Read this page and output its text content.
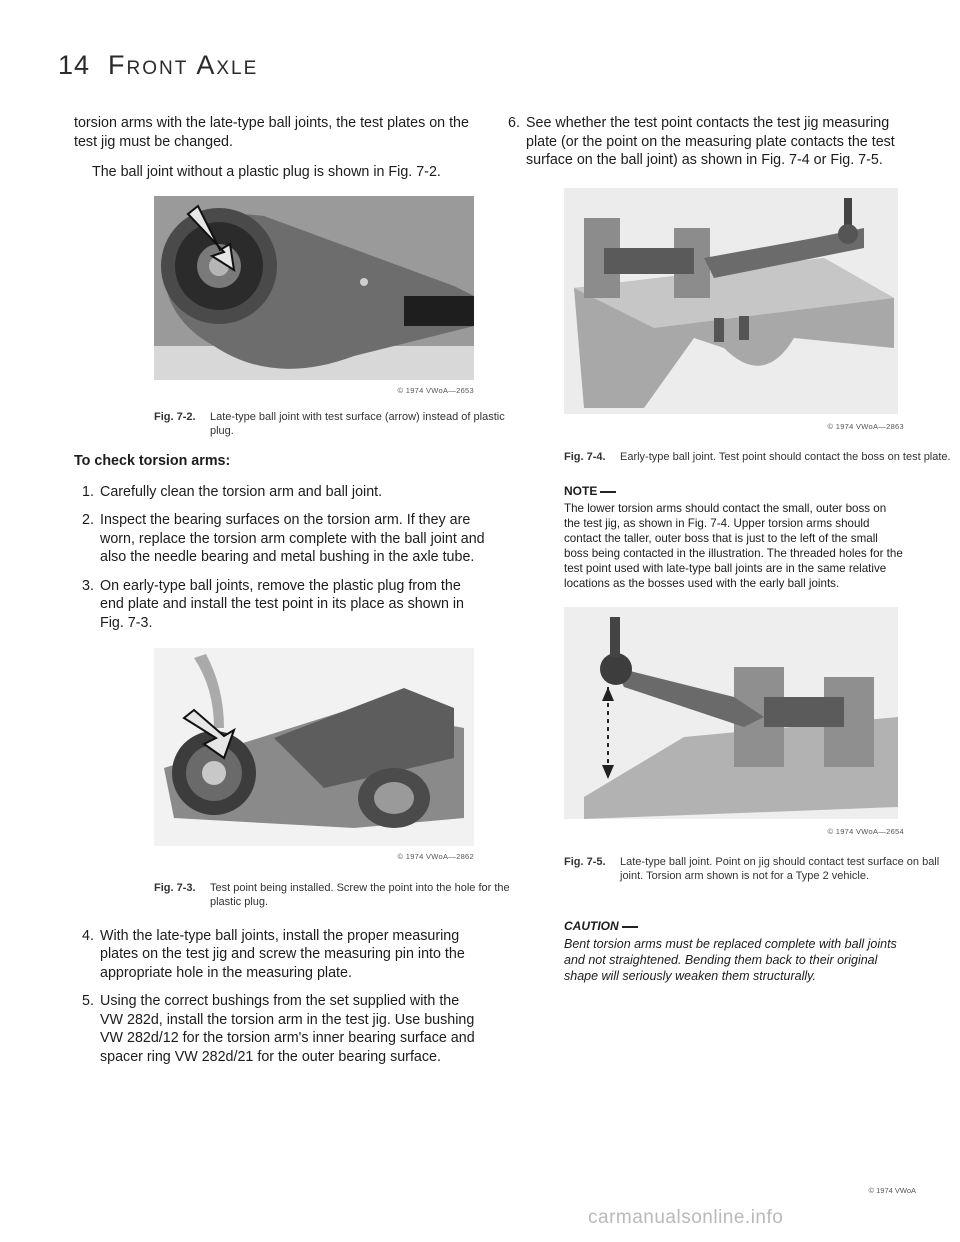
14 Front Axle

torsion arms with the late-type ball joints, the test plates on the test jig must be changed.

The ball joint without a plastic plug is shown in Fig. 7-2.

© 1974 VWoA—2653
Fig. 7-2. Late-type ball joint with test surface (arrow) instead of plastic plug.

To check torsion arms:

1. Carefully clean the torsion arm and ball joint.
2. Inspect the bearing surfaces on the torsion arm. If they are worn, replace the torsion arm complete with the ball joint and also the needle bearing and metal bushing in the axle tube.
3. On early-type ball joints, remove the plastic plug from the end plate and install the test point in its place as shown in Fig. 7-3.
© 1974 VWoA—2862
Fig. 7-3. Test point being installed. Screw the point into the hole for the plastic plug.
4. With the late-type ball joints, install the proper measuring plates on the test jig and screw the measuring pin into the appropriate hole in the measuring plate.
5. Using the correct bushings from the set supplied with the VW 282d, install the torsion arm in the test jig. Use bushing VW 282d/12 for the torsion arm's inner bearing surface and spacer ring VW 282d/21 for the outer bearing surface.
6. See whether the test point contacts the test jig measuring plate (or the point on the measuring plate contacts the test surface on the ball joint) as shown in Fig. 7-4 or Fig. 7-5.
© 1974 VWoA—2863
Fig. 7-4. Early-type ball joint. Test point should contact the boss on test plate.
NOTE

The lower torsion arms should contact the small, outer boss on the test jig, as shown in Fig. 7-4. Upper torsion arms should contact the taller, outer boss that is just to the left of the small boss being contacted in the illustration. The threaded holes for the test point used with late-type ball joints are in the same relative locations as the bosses used with the early ball joints.

© 1974 VWoA—2654
Fig. 7-5. Late-type ball joint. Point on jig should contact test surface on ball joint. Torsion arm shown is not for a Type 2 vehicle.
CAUTION

Bent torsion arms must be replaced complete with ball joints and not straightened. Bending them back to their original shape will seriously weaken them structurally.

© 1974 VWoA
carmanualsonline.info
